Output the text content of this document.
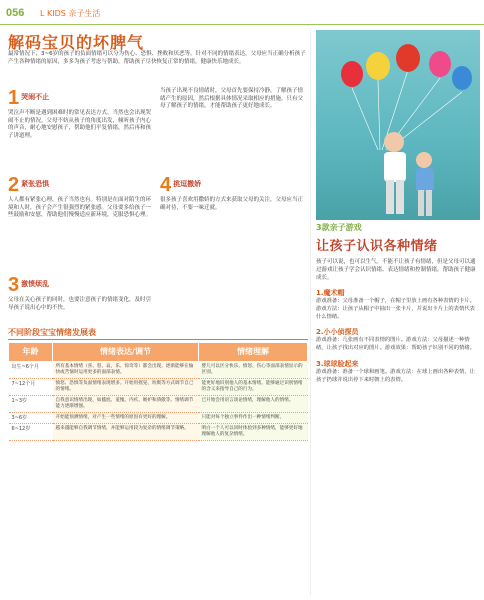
056 L KIDS 亲子生活
解码宝贝的坏脾气
最常情况下，3~6岁的孩子的负面情绪可以分为伤心、恐惧、挫败和厌恶等。针对不同的情绪表达，父母应当正确分析孩子产生各种情绪的原因，多多为孩子考虑与帮助，帮助孩子尽快恢复正常的情绪，健康快乐地成长。
1 哭闹不止
哭泣声不断是遇到困难时的常见表达方式。当然也会出现哭闹不止的情况。父母不妨从孩子的角度出发，倾听孩子内心的声音，耐心地安慰孩子，帮助他们平复情绪，然后再和孩子讲道理。
2 紧张恐惧
人人都有紧张心理，孩子当然也有。特别是在面对陌生的环境和人时，孩子会产生很强烈的紧张感。父母要多给孩子一些鼓励和安慰，帮助他们慢慢适应新环境，克服恐惧心理。
3 激愤烦乱
父母在关心孩子的同时，也要注意孩子的情绪变化，及时引导孩子说出心中的不快。
当孩子出现不良情绪时，父母首先要保持冷静，了解孩子情绪产生的原因，然后根据具体情况采取相应的措施。只有父母了解孩子的情绪，才能帮助孩子更好地成长。
4 挑逗撒娇
很多孩子喜欢用撒娇的方式来获取父母的关注，父母应当正确对待，不要一味迁就。
不同阶段宝宝情绪发展表
年龄	情绪表达/调节	情绪理解
出生~6个月	所有基本情绪（喜、怒、哀、乐、惊奇等）都会出现。逐渐能够在愉快或苦恼时运用更多的面部表情。	婴儿可以区分快乐、愤怒、伤心等面部表情显示的区别。
7~12个月	愤怒、恐惧等负面情绪表现增多。开始用摇晃、吮吸等方式调节自己的情绪。	能更好地识别他人的基本情绪。能够通过识别情绪的含义来指导自己的行为。
1~3岁	自我意识情绪出现，如尴尬、羞愧、内疚、嫉妒和骄傲等。情绪调节能力逐渐增强。	已开始会用语言谈论情绪，理解他人的情绪。
3~6岁	开始能预测情绪，对产生一些情绪的原因有更好的理解。	只能对每个独立事件作出一种情绪判断。
6~12岁	越来越能够自我调节情绪，并能够运用较为复杂的情绪调节策略。	明白一个人可以同时体验到多种情绪，能够更好地理解他人的复杂情绪。
3款亲子游戏
让孩子认识各种情绪
孩子可以说，也可以生气。不能不让孩子有情绪，但是父母可以通过游戏让孩子学会认识情绪、表达情绪和控制情绪，帮助孩子健康成长。
1.魔术帽
游戏准备：父母准备一个帽子，在帽子里放上画有各种表情的卡片。游戏方法：让孩子从帽子中抽出一张卡片，并说出卡片上的表情代表什么情绪。
2.小小侦探员
游戏准备：几张画有不同表情的图片。游戏方法：父母描述一种情绪，让孩子找出对应的图片。游戏效果：帮助孩子识别不同的情绪。
3.球球脸起来
游戏准备：准备一个球和画笔。游戏方法：在球上画出各种表情，让孩子扔球并说出停下来时朝上的表情。
